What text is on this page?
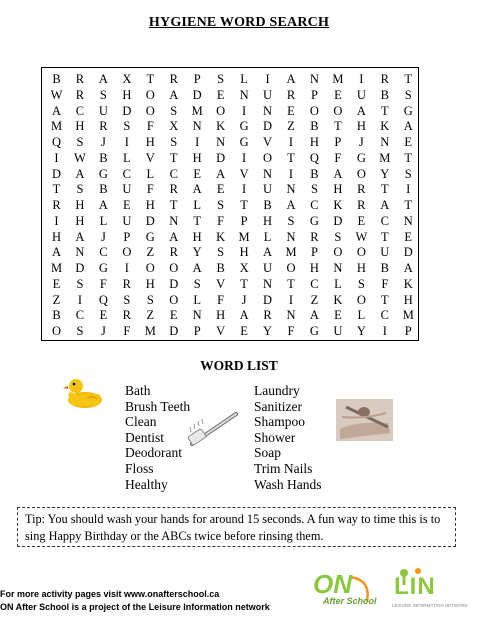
HYGIENE WORD SEARCH
B	R	A	X	T	R	P	S	L	I	A	N	M	I	R	T
W	R	S	H	O	A	D	E	N	U	R	P	E	U	B	S
A	C	U	D	O	S	M	O	I	N	E	O	O	A	T	G
M	H	R	S	F	X	N	K	G	D	Z	B	T	H	K	A
Q	S	J	I	H	S	I	N	G	V	I	H	P	J	N	E
I	W	B	L	V	T	H	D	I	O	T	Q	F	G	M	T
D	A	G	C	L	C	E	A	V	N	I	B	A	O	Y	S
T	S	B	U	F	R	A	E	I	U	N	S	H	R	T	I
R	H	A	E	H	T	L	S	T	B	A	C	K	R	A	T
I	H	L	U	D	N	T	F	P	H	S	G	D	E	C	N
H	A	J	P	G	A	H	K	M	L	N	R	S	W	T	E
A	N	C	O	Z	R	Y	S	H	A	M	P	O	O	U	D
M	D	G	I	O	O	A	B	X	U	O	H	N	H	B	A
E	S	F	R	H	D	S	V	T	N	T	C	L	S	F	K
Z	I	Q	S	S	O	L	F	J	D	I	Z	K	O	T	H
B	C	E	R	Z	E	N	H	A	R	N	A	E	L	C	M
O	S	J	F	M	D	P	V	E	Y	F	G	U	Y	I	P
WORD LIST
Tip: You should wash your hands for around 15 seconds. A fun way to time this is to sing Happy Birthday or the ABCs twice before rinsing them.
For more activity pages visit www.onafterschool.ca
ON After School is a project of the Leisure Information network
ON
After School
LIN
LEISURE INFORMATION NETWORK
Bath
Brush Teeth
Clean
Dentist
Deodorant
Floss
Healthy
Laundry
Sanitizer
Shampoo
Shower
Soap
Trim Nails
Wash Hands
